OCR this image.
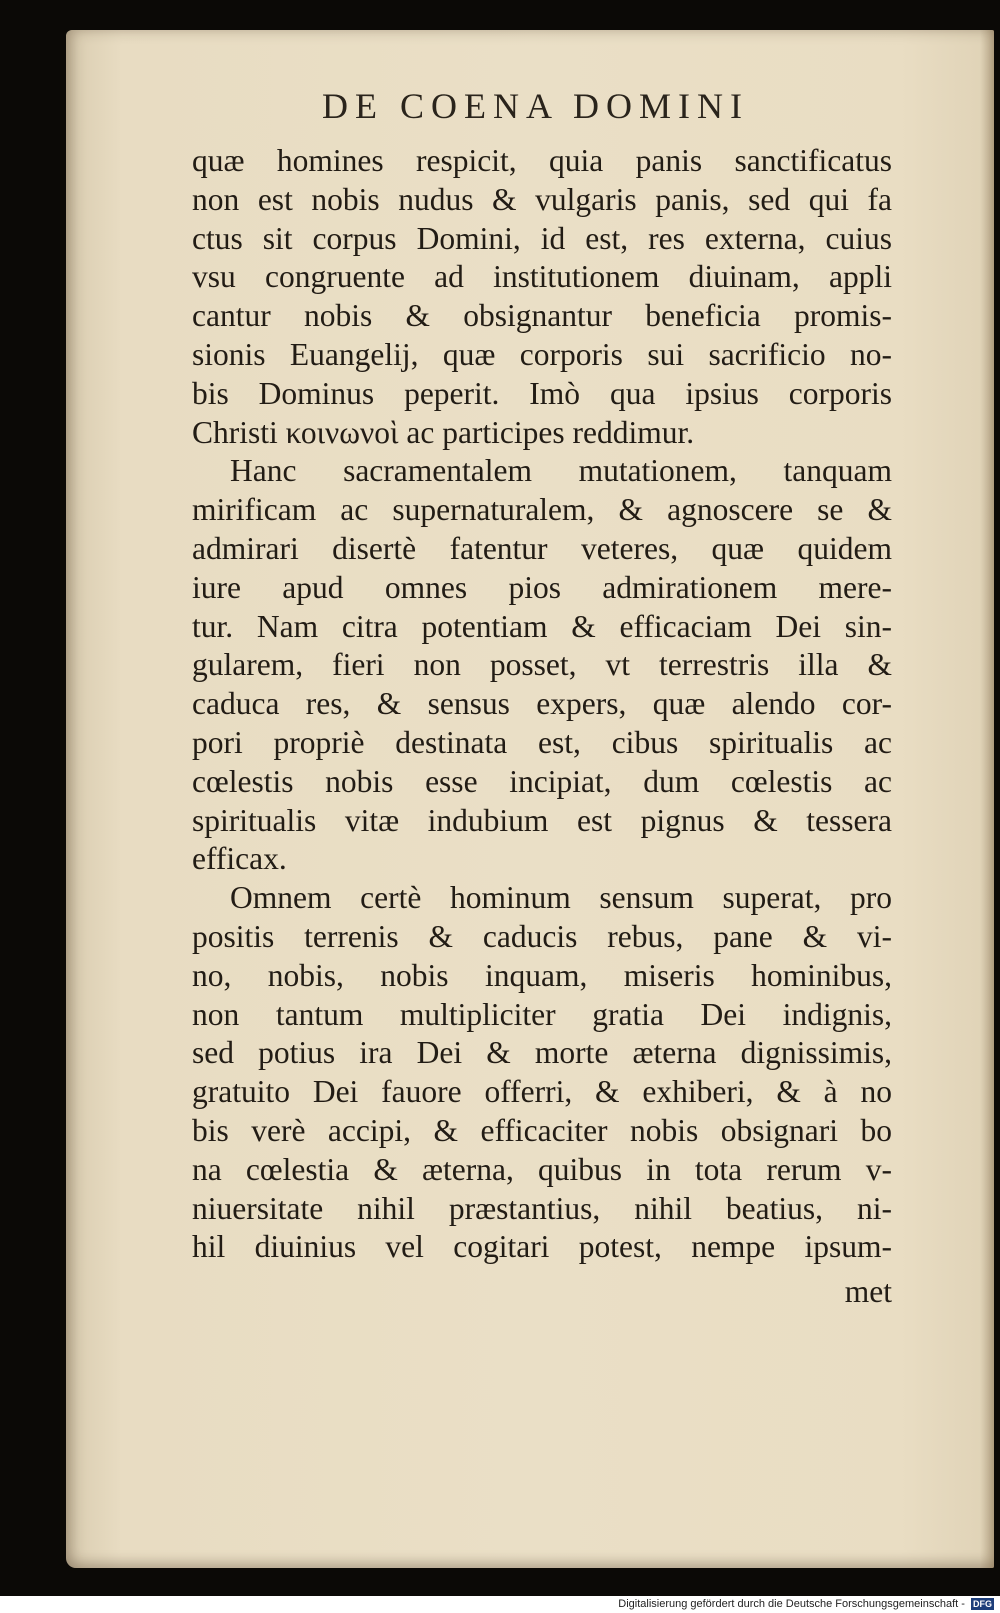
DE COENA DOMINI
quæ homines respicit, quia panis sanctificatus
non est nobis nudus & vulgaris panis, sed qui fa
ctus sit corpus Domini, id est, res externa, cuius
vsu congruente ad institutionem diuinam, appli
cantur nobis & obsignantur beneficia promis-
sionis Euangelij, quæ corporis sui sacrificio no-
bis Dominus peperit. Imò qua ipsius corporis
Christi κοινωνοὶ ac participes reddimur.
Hanc sacramentalem mutationem, tanquam
mirificam ac supernaturalem, & agnoscere se &
admirari disertè fatentur veteres, quæ quidem
iure apud omnes pios admirationem mere-
tur. Nam citra potentiam & efficaciam Dei sin-
gularem, fieri non posset, vt terrestris illa &
caduca res, & sensus expers, quæ alendo cor-
pori propriè destinata est, cibus spiritualis ac
cœlestis nobis esse incipiat, dum cœlestis ac
spiritualis vitæ indubium est pignus & tessera
efficax.
Omnem certè hominum sensum superat, pro
positis terrenis & caducis rebus, pane & vi-
no, nobis, nobis inquam, miseris hominibus,
non tantum multipliciter gratia Dei indignis,
sed potius ira Dei & morte æterna dignissimis,
gratuito Dei fauore offerri, & exhiberi, & à no
bis verè accipi, & efficaciter nobis obsignari bo
na cœlestia & æterna, quibus in tota rerum v-
niuersitate nihil præstantius, nihil beatius, ni-
hil diuinius vel cogitari potest, nempe ipsum-
met
Digitalisierung gefördert durch die Deutsche Forschungsgemeinschaft - DFG
